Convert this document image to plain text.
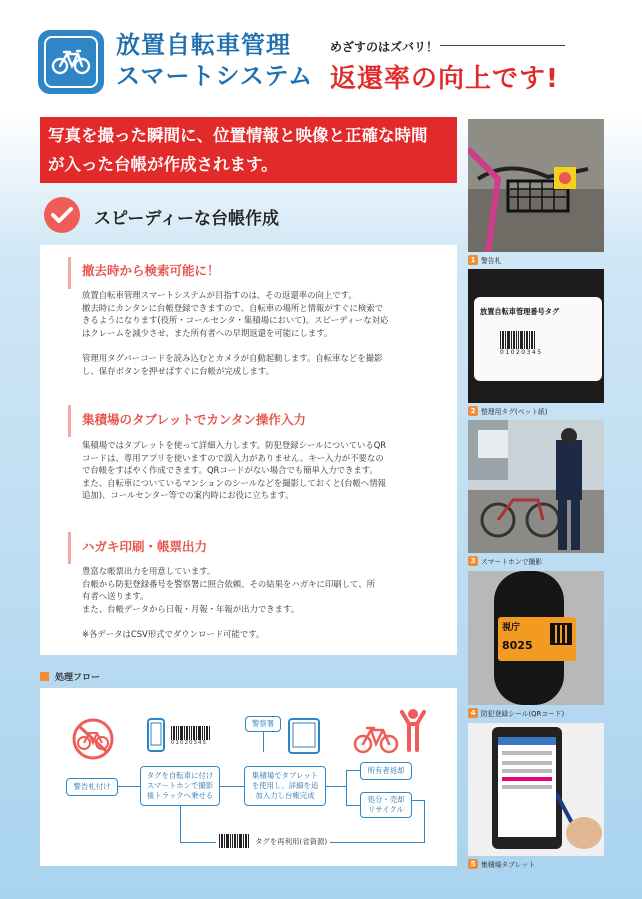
放置自転車管理
スマートシステム
めざすのはズバリ！
返還率の向上です!
写真を撮った瞬間に、位置情報と映像と正確な時間
が入った台帳が作成されます。
スピーディーな台帳作成
撤去時から検索可能に！
放置自転車管理スマートシステムが目指すのは、その返還率の向上です。
撤去時にカンタンに台帳登録できますので、自転車の場所と情報がすぐに検索で
きるようになります(役所・コールセンタ・集積場において)。スピーディーな対応
はクレームを減少させ、また所有者への早期返還を可能にします。

管理用タグバーコードを読み込むとカメラが自動起動します。自転車などを撮影
し、保存ボタンを押せばすぐに台帳が完成します。
集積場のタブレットでカンタン操作入力
集積場ではタブレットを使って詳細入力します。防犯登録シールについているQR
コードは、専用アプリを使いますので誤入力がありません。キー入力が不要なの
で台帳をすばやく作成できます。QRコードがない場合でも簡単入力できます。
また、自転車についているマンションのシールなどを撮影しておくと(台帳へ情報
追加)、コールセンター等での案内時にお役に立ちます。
ハガキ印刷・帳票出力
豊富な帳票出力を用意しています。
台帳から防犯登録番号を警察署に照合依頼、その結果をハガキに印刷して、所
有者へ送ります。
また、台帳データから日報・月報・年報が出力できます。

※各データはCSV形式でダウンロード可能です。
処理フロー
01020345
警察署
警告札付け
タグを自転車に付け
スマートホンで撮影
後トラックへ乗せる
集積場でタブレット
を使用し、詳細を追
加入力し台帳完成
所有者返却
処分・売却
リサイクル
タグを再利用(省資源)
1 警告札
放置自転車管理番号タグ
01020345
2 整理用タグ(ペット紙)
3 スマートホンで撮影
視庁
8025
4 防犯登録シール(QRコード)
5 集積場タブレット
